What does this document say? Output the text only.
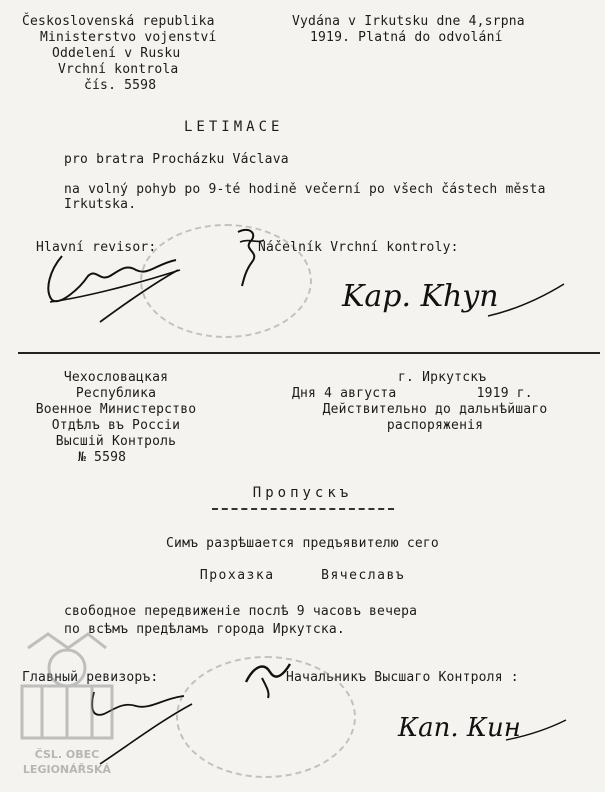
Československá republika
Ministerstvo vojenství
Oddelení v Rusku
Vrchní kontrola
čís. 5598
Vydána v Irkutsku dne 4,srpna
1919. Platná do odvolání
LETIMACE
pro bratra Procházku Václava
na volný pohyb po 9-té hodině večerní po všech částech města
Irkutska.
Hlavní revisor:	Náčelník Vrchní kontroly:
Kap. Khyn
Чехословацкая
Республика
Военное Министерство
Отдѣлъ въ Россіи
Высшій Контроль
№ 5598
г. Иркутскъ
Дня 4 августа          1919 г.
Действительно до дальнѣйшаго
распоряженія
Пропускъ
Симъ разрѣшается предъявителю сего
Прохазка     Вячеславъ
свободное передвиженіе послѣ 9 часовъ вечера
по всѣмъ предѣламъ города Иркутска.
Главный ревизоръ:	Начальникъ Высшаго Контроля :
Кап. Кин
ČSL. OBEC
LEGIONÁŘSKÁ
